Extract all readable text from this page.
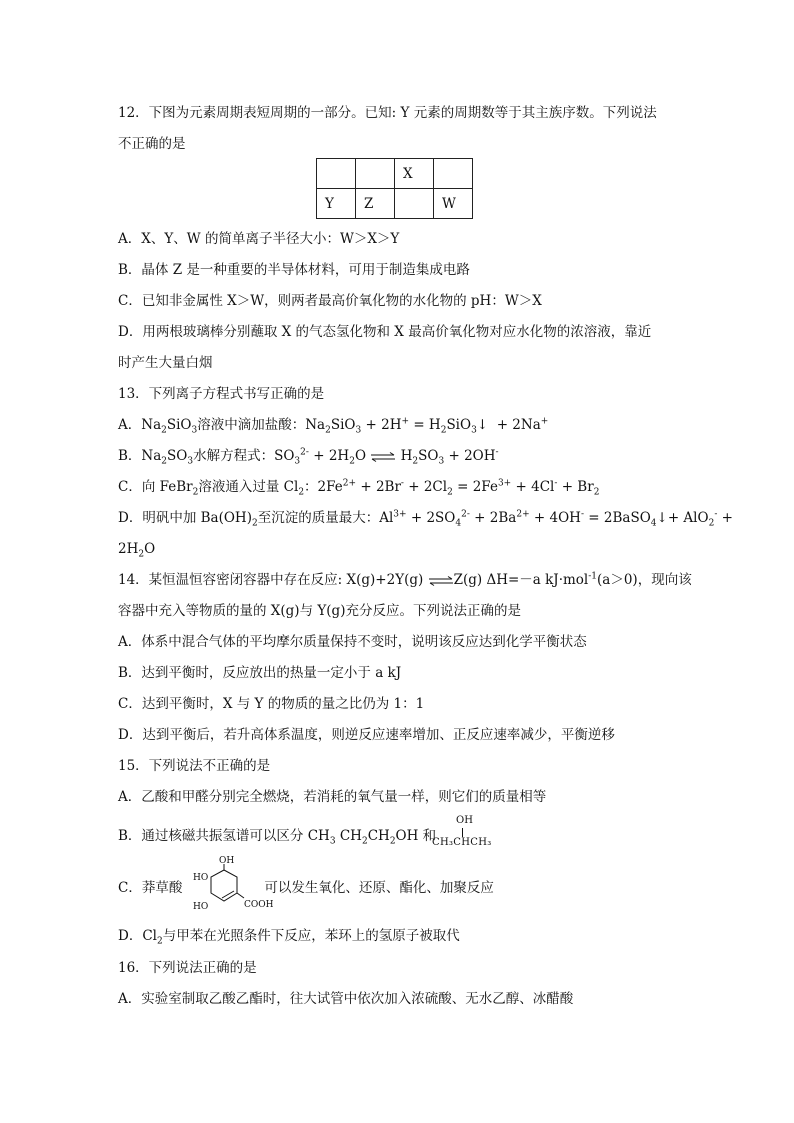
12．下图为元素周期表短周期的一部分。已知: Y 元素的周期数等于其主族序数。下列说法
不正确的是
		X	
Y	Z		W
A．X、Y、W 的简单离子半径大小：W＞X＞Y
B．晶体 Z 是一种重要的半导体材料，可用于制造集成电路
C．已知非金属性 X＞W，则两者最高价氧化物的水化物的 pH：W＞X
D．用两根玻璃棒分别蘸取 X 的气态氢化物和 X 最高价氧化物对应水化物的浓溶液，靠近
时产生大量白烟
13．下列离子方程式书写正确的是
A．$Na_2SiO_3$溶液中滴加盐酸：$Na_2SiO_3 + 2H^+$ = $H_2SiO_3↓ + 2Na^+$
B．$Na_2SO_3$水解方程式：$SO_3^{2-} + 2H_2O$ ⇌ $H_2SO_3 + 2OH^-$
C．向 FeBr$_2$溶液通入过量 $Cl_2$：$2Fe^{2+} + 2Br^- + 2Cl_2 = 2Fe^{3+} + 4Cl^- + Br_2$
D．明矾中加 $Ba(OH)_2$至沉淀的质量最大：$Al^{3+} + 2SO_4^{2-} + 2Ba^{2+} + 4OH^-$ = 2BaSO$_4$↓+ AlO$_2$- +
$2H_2O$
14．某恒温恒容密闭容器中存在反应: X(g)+2Y(g) ⇌Z(g) ΔH=－a kJ·mol$^{-1}$(a＞0)，现向该
容器中充入等物质的量的 X(g)与 Y(g)充分反应。下列说法正确的是
A．体系中混合气体的平均摩尔质量保持不变时，说明该反应达到化学平衡状态
B．达到平衡时，反应放出的热量一定小于 a kJ
C．达到平衡时，X 与 Y 的物质的量之比仍为 1：1
D．达到平衡后，若升高体系温度，则逆反应速率增加、正反应速率减少，平衡逆移
15．下列说法不正确的是
A．乙酸和甲醛分别完全燃烧，若消耗的氧气量一样，则它们的质量相等
B．通过核磁共振氢谱可以区分 $CH_3$ $CH_2CH_2OH$ 和
OH
CH₃CHCH₃
C．莽草酸	可以发生氧化、还原、酯化、加聚反应
OH
HO
HO	COOH
D．$Cl_2$与甲苯在光照条件下反应，苯环上的氢原子被取代
16．下列说法正确的是
A．实验室制取乙酸乙酯时，往大试管中依次加入浓硫酸、无水乙醇、冰醋酸
